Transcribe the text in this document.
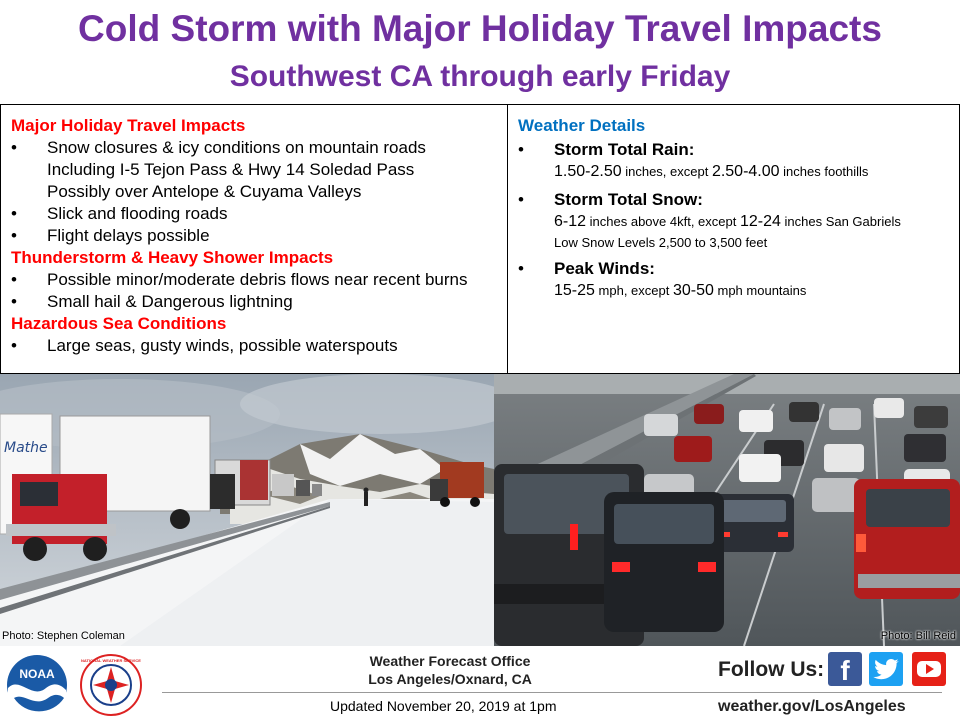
Cold Storm with Major Holiday Travel Impacts
Southwest CA through early Friday
Major Holiday Travel Impacts
• Snow closures & icy conditions on mountain roads
Including I-5 Tejon Pass & Hwy 14 Soledad Pass
Possibly over Antelope & Cuyama Valleys
• Slick and flooding roads
• Flight delays possible
Thunderstorm & Heavy Shower Impacts
• Possible minor/moderate debris flows near recent burns
• Small hail & Dangerous lightning
Hazardous Sea Conditions
• Large seas, gusty winds, possible waterspouts
Weather Details
• Storm Total Rain:
1.50-2.50 inches, except 2.50-4.00 inches foothills
• Storm Total Snow:
6-12 inches above 4kft, except 12-24 inches San Gabriels
Low Snow Levels 2,500 to 3,500 feet
• Peak Winds:
15-25 mph, except 30-50 mph mountains
Mathe
Photo: Stephen Coleman	Photo: Bill Reid
NOAA
NATIONAL WEATHER SERVICE	Weather Forecast Office
Los Angeles/Oxnard, CA
Updated November 20, 2019 at 1pm
Follow Us: f
weather.gov/LosAngeles
